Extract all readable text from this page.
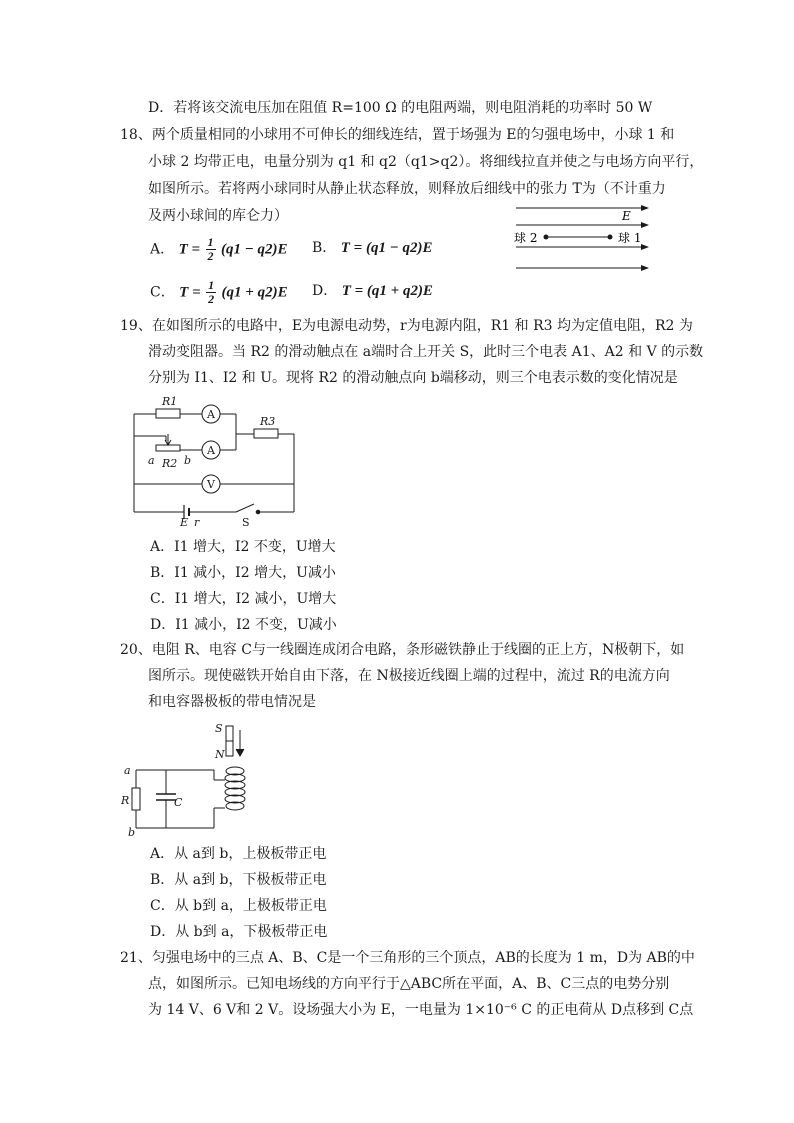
D．若将该交流电压加在阻值 R=100 Ω 的电阻两端，则电阻消耗的功率时 50 W
18、两个质量相同的小球用不可伸长的细线连结，置于场强为 E的匀强电场中，小球 1 和
小球 2 均带正电，电量分别为 q1 和 q2（q1>q2）。将细线拉直并使之与电场方向平行，
如图所示。若将两小球同时从静止状态释放，则释放后细线中的张力 T为（不计重力
及两小球间的库仑力）
A． $T = \frac{1}{2} (q1 - q2)E$ B． T = (q1 − q2)E
C． $T = \frac{1}{2} (q1 + q2)E$ D． T = (q1 + q2)E
E
球 2	球 1
19、在如图所示的电路中，E为电源电动势，r为电源内阻，R1 和 R3 均为定值电阻，R2 为
滑动变阻器。当 R2 的滑动触点在 a端时合上开关 S，此时三个电表 A1、A2 和 V 的示数
分别为 I1、I2 和 U。现将 R2 的滑动触点向 b端移动，则三个电表示数的变化情况是
R1
A
A
V
R3
a R2 b
E r	S
A．I1 增大，I2 不变，U增大
B．I1 减小，I2 增大，U减小
C．I1 增大，I2 减小，U增大
D．I1 减小，I2 不变，U减小
20、电阻 R、电容 C与一线圈连成闭合电路，条形磁铁静止于线圈的正上方，N极朝下，如
图所示。现使磁铁开始自由下落，在 N极接近线圈上端的过程中，流过 R的电流方向
和电容器极板的带电情况是
S
N
a
R
b
C
A．从 a到 b，上极板带正电
B．从 a到 b，下极板带正电
C．从 b到 a，上极板带正电
D．从 b到 a，下极板带正电
21、匀强电场中的三点 A、B、C是一个三角形的三个顶点，AB的长度为 1 m，D为 AB的中
点，如图所示。已知电场线的方向平行于△ABC所在平面，A、B、C三点的电势分别
为 14 V、6 V和 2 V。设场强大小为 E，一电量为 1×10⁻⁶ C 的正电荷从 D点移到 C点
